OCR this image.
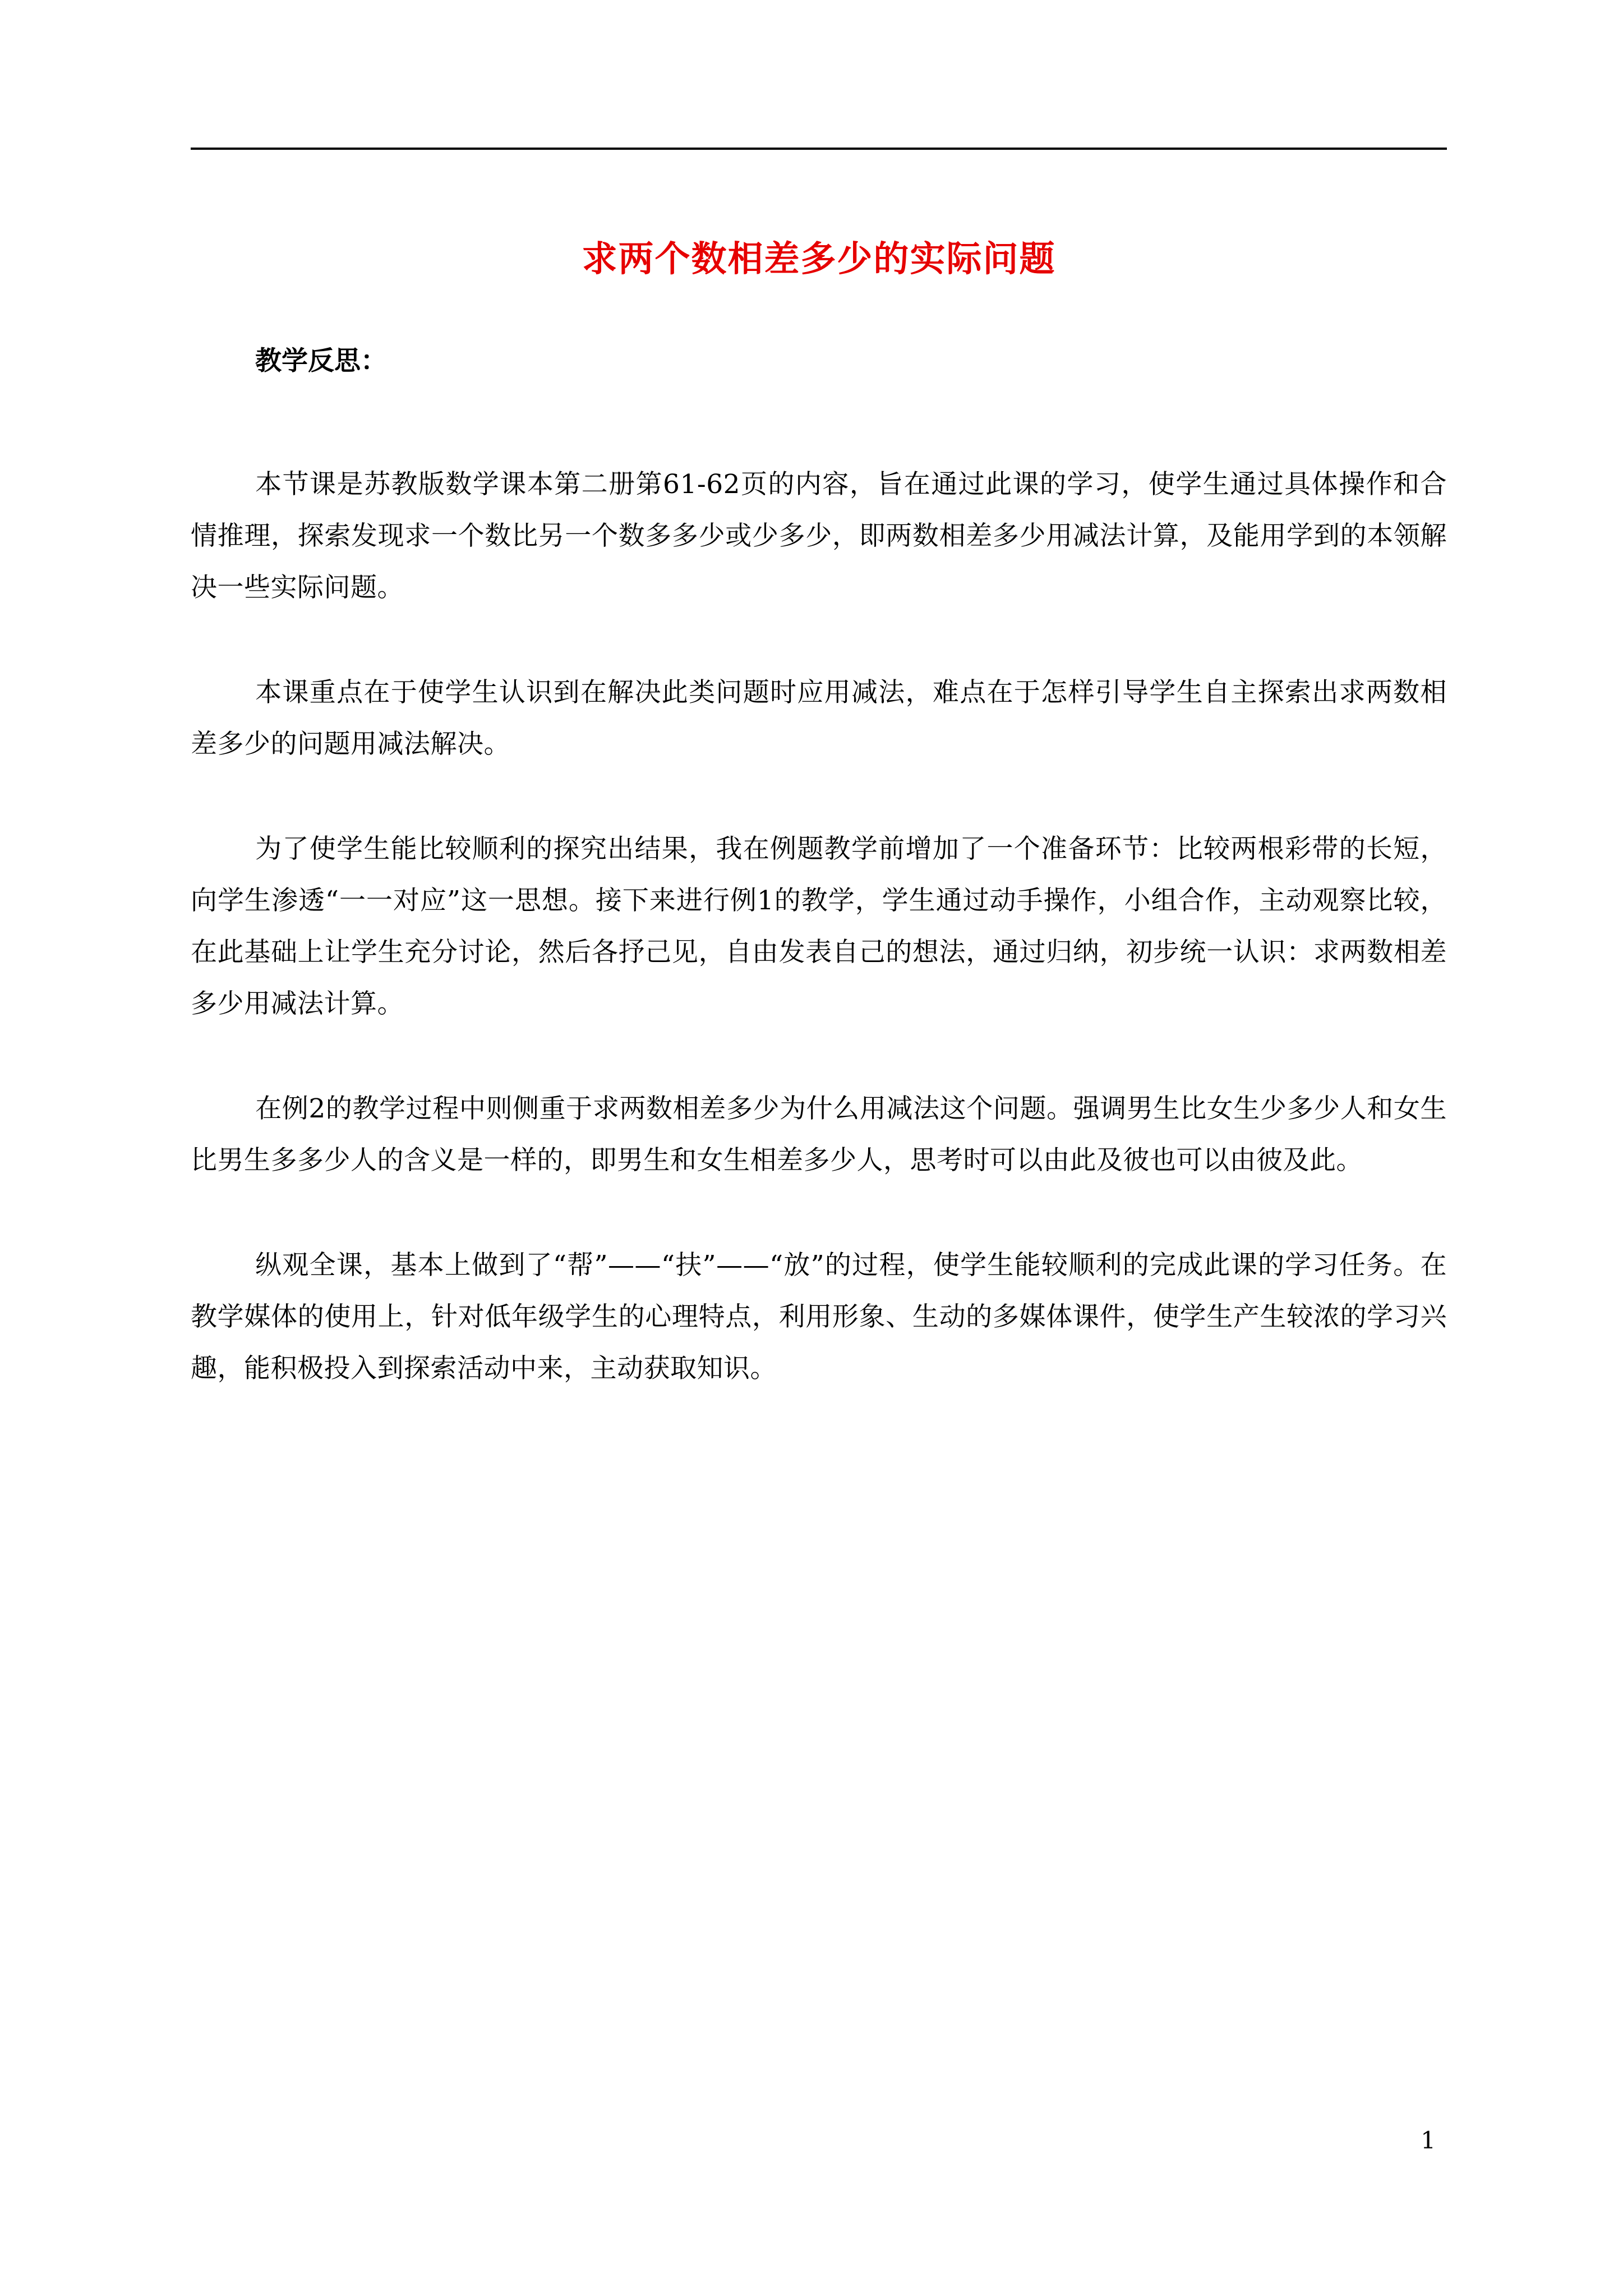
求两个数相差多少的实际问题
教学反思：

本节课是苏教版数学课本第二册第61-62页的内容，旨在通过此课的学习，使学生通过具体操作和合情推理，探索发现求一个数比另一个数多多少或少多少，即两数相差多少用减法计算，及能用学到的本领解决一些实际问题。

本课重点在于使学生认识到在解决此类问题时应用减法，难点在于怎样引导学生自主探索出求两数相差多少的问题用减法解决。

为了使学生能比较顺利的探究出结果，我在例题教学前增加了一个准备环节：比较两根彩带的长短，向学生渗透“一一对应”这一思想。接下来进行例1的教学，学生通过动手操作，小组合作，主动观察比较，在此基础上让学生充分讨论，然后各抒己见，自由发表自己的想法，通过归纳，初步统一认识：求两数相差多少用减法计算。

在例2的教学过程中则侧重于求两数相差多少为什么用减法这个问题。强调男生比女生少多少人和女生比男生多多少人的含义是一样的，即男生和女生相差多少人，思考时可以由此及彼也可以由彼及此。

纵观全课，基本上做到了“帮”——“扶”——“放”的过程，使学生能较顺利的完成此课的学习任务。在教学媒体的使用上，针对低年级学生的心理特点，利用形象、生动的多媒体课件，使学生产生较浓的学习兴趣，能积极投入到探索活动中来，主动获取知识。

1
